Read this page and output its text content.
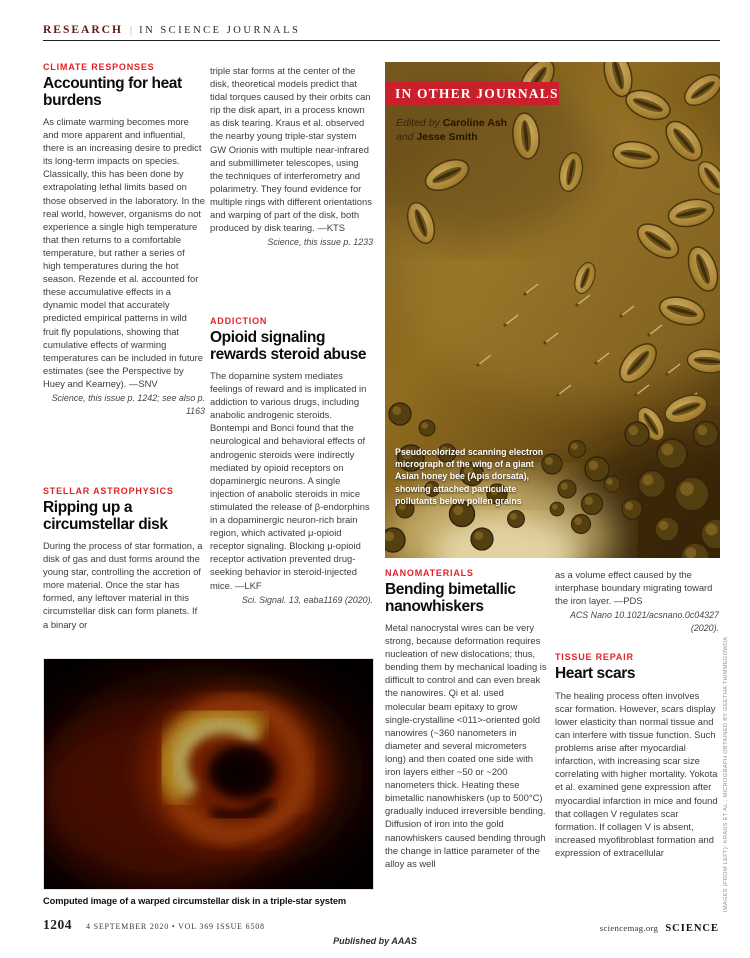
RESEARCH | IN SCIENCE JOURNALS
CLIMATE RESPONSES
Accounting for heat burdens
As climate warming becomes more and more apparent and influential, there is an increasing desire to predict its long-term impacts on species. Classically, this has been done by extrapolating lethal limits based on those observed in the laboratory. In the real world, however, organisms do not experience a single high temperature that then returns to a comfortable temperature, but rather a series of high temperatures during the hot season. Rezende et al. accounted for these accumulative effects in a dynamic model that accurately predicted empirical patterns in wild fruit fly populations, showing that cumulative effects of warming temperatures can be included in future estimates (see the Perspective by Huey and Kearney). —SNV
Science, this issue p. 1242; see also p. 1163
STELLAR ASTROPHYSICS
Ripping up a circumstellar disk
During the process of star formation, a disk of gas and dust forms around the young star, controlling the accretion of more material. Once the star has formed, any leftover material in this circumstellar disk can form planets. If a binary or
triple star forms at the center of the disk, theoretical models predict that tidal torques caused by their orbits can rip the disk apart, in a process known as disk tearing. Kraus et al. observed the nearby young triple-star system GW Orionis with multiple near-infrared and submillimeter telescopes, using the techniques of interferometry and polarimetry. They found evidence for multiple rings with different orientations and warping of part of the disk, both produced by disk tearing. —KTS
Science, this issue p. 1233
ADDICTION
Opioid signaling rewards steroid abuse
The dopamine system mediates feelings of reward and is implicated in addiction to various drugs, including anabolic androgenic steroids. Bontempi and Bonci found that the neurological and behavioral effects of androgenic steroids were indirectly mediated by opioid receptors on dopaminergic neurons. A single injection of anabolic steroids in mice stimulated the release of β-endorphins in a dopaminergic neuron-rich brain region, which activated μ-opioid receptor signaling. Blocking μ-opioid receptor activation prevented drug-seeking behavior in steroid-injected mice. —LKF
Sci. Signal. 13, eaba1169 (2020).
IN OTHER JOURNALS
Edited by Caroline Ash
and Jesse Smith
Pseudocolorized scanning electron micrograph of the wing of a giant Asian honey bee (Apis dorsata), showing attached particulate pollutants below pollen grains
NANOMATERIALS
Bending bimetallic nanowhiskers
Metal nanocrystal wires can be very strong, because deformation requires nucleation of new dislocations; thus, bending them by mechanical loading is difficult to control and can even break the nanowires. Qi et al. used molecular beam epitaxy to grow single-crystalline <011>-oriented gold nanowires (~360 nanometers in diameter and several micrometers long) and then coated one side with iron layers either ~50 or ~200 nanometers thick. Heating these bimetallic nanowhiskers (up to 500°C) gradually induced irreversible bending. Diffusion of iron into the gold nanowhiskers caused bending through the change in lattice parameter of the alloy as well
as a volume effect caused by the interphase boundary migrating toward the iron layer. —PDS
ACS Nano 10.1021/acsnano.0c04327 (2020).
TISSUE REPAIR
Heart scars
The healing process often involves scar formation. However, scars display lower elasticity than normal tissue and can interfere with tissue function. Such problems arise after myocardial infarction, with increasing scar size correlating with higher mortality. Yokota et al. examined gene expression after myocardial infarction in mice and found that collagen V regulates scar formation. If collagen V is absent, increased myofibroblast formation and expression of extracellular
Computed image of a warped circumstellar disk in a triple-star system
1204 4 SEPTEMBER 2020 • VOL 369 ISSUE 6508	sciencemag.org SCIENCE
Published by AAAS
IMAGES (FROM LEFT): KRAUS ET AL.; MICROGRAPH OBTAINED BY GEETHA THIMMEGOWDA
